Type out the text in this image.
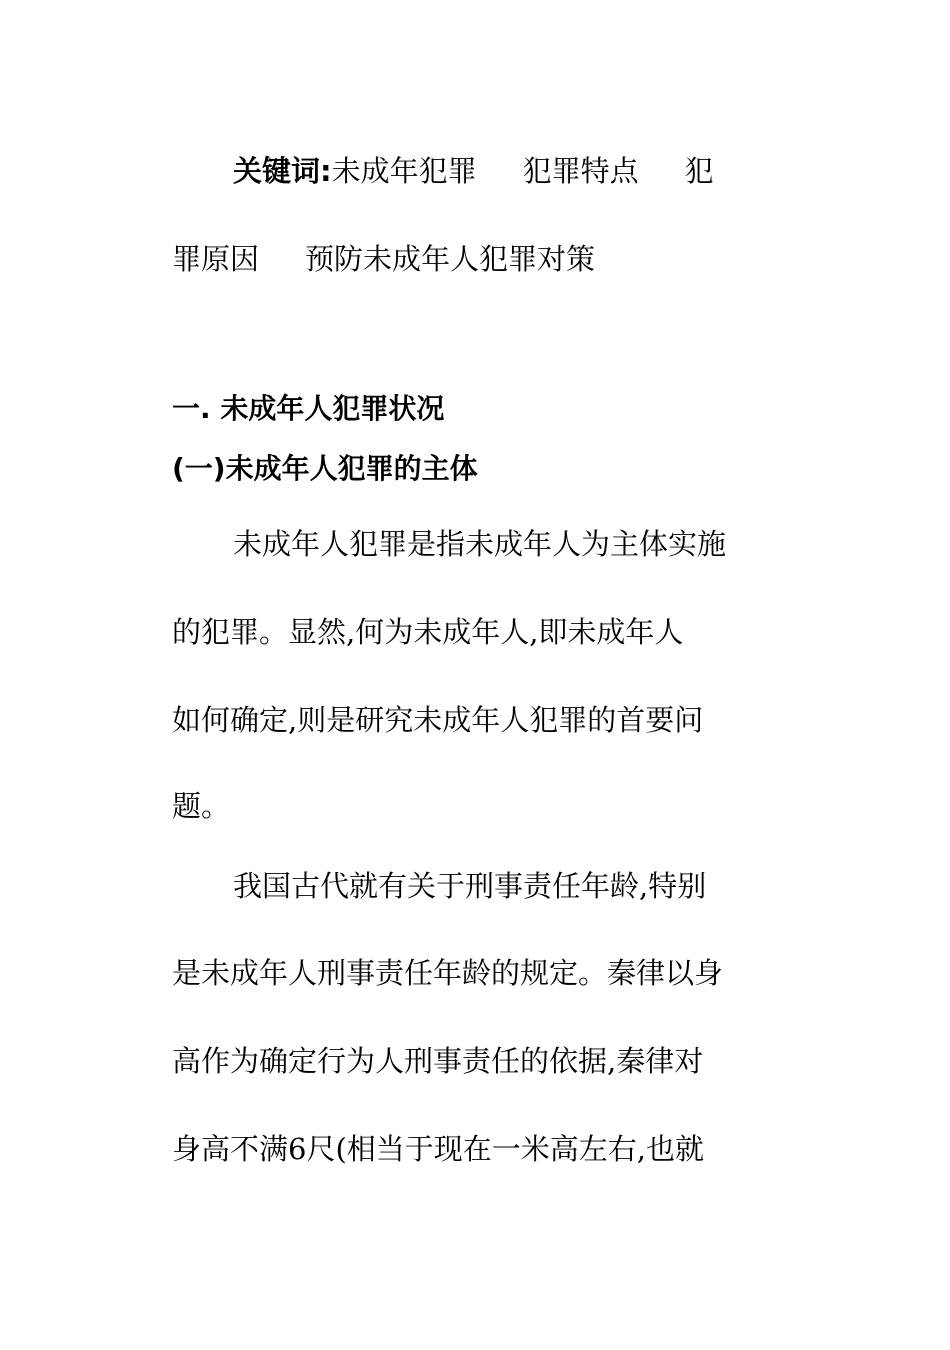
关键词:未成年犯罪 犯罪特点 犯
罪原因 预防未成年人犯罪对策
一. 未成年人犯罪状况
(一)未成年人犯罪的主体
未成年人犯罪是指未成年人为主体实施
的犯罪。显然,何为未成年人,即未成年人
如何确定,则是研究未成年人犯罪的首要问
题。
我国古代就有关于刑事责任年龄,特别
是未成年人刑事责任年龄的规定。秦律以身
高作为确定行为人刑事责任的依据,秦律对
身高不满6尺(相当于现在一米高左右,也就
